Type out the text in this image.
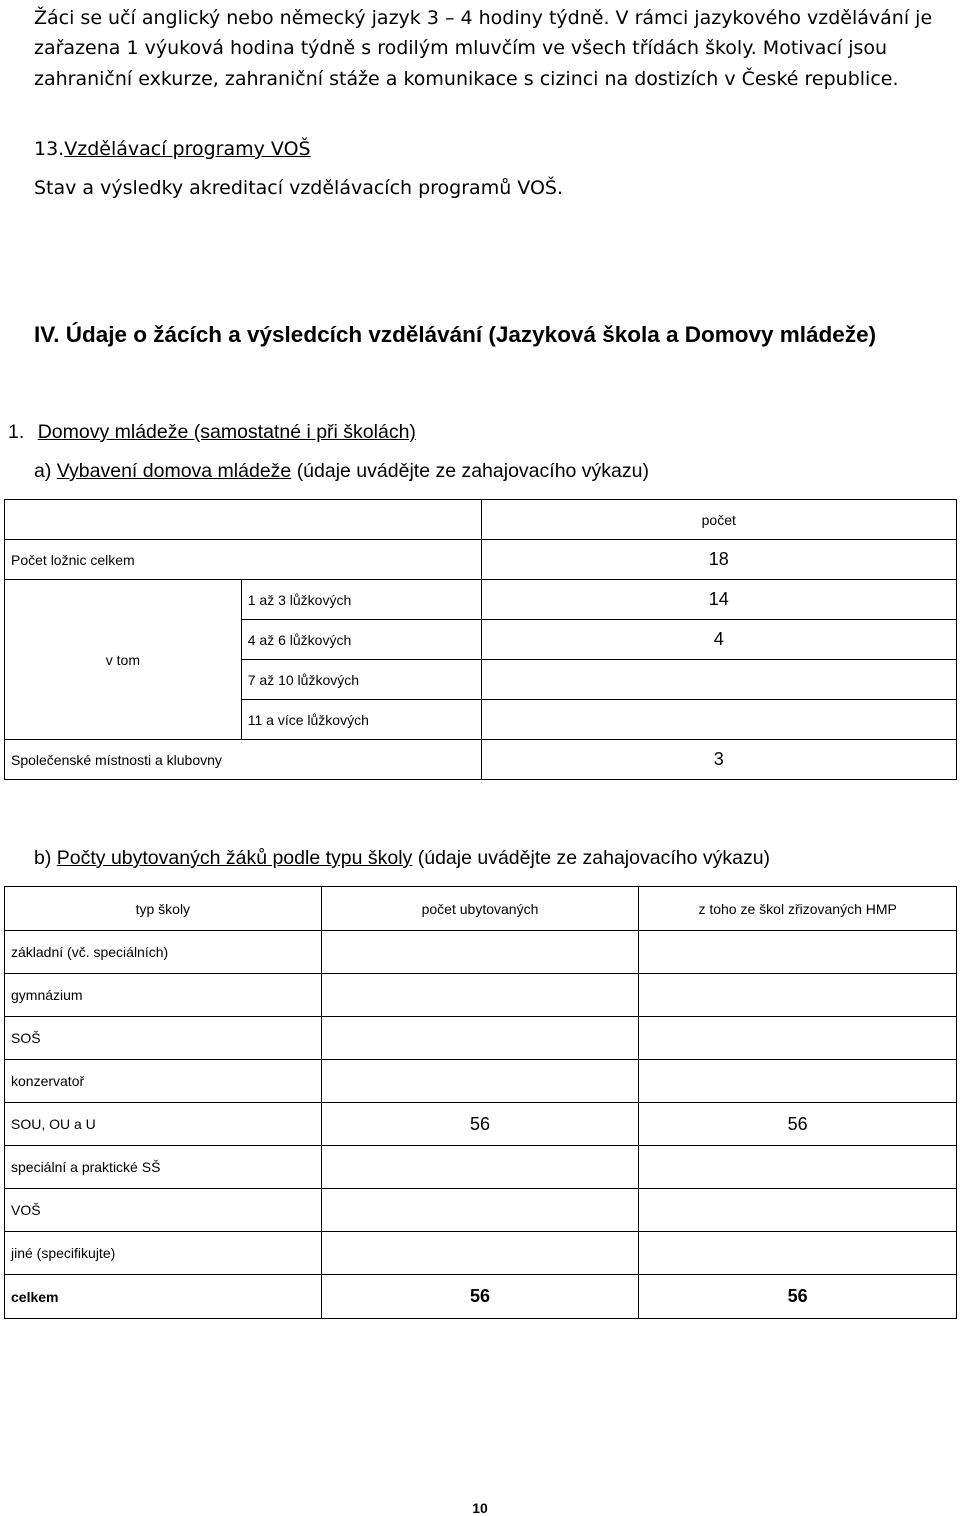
Žáci se učí anglický nebo německý jazyk 3 – 4 hodiny týdně. V rámci jazykového vzdělávání je
zařazena 1 výuková hodina týdně s rodilým mluvčím ve všech třídách školy. Motivací jsou
zahraniční exkurze, zahraniční stáže a komunikace s cizinci na dostizích v České republice.
13.Vzdělávací programy VOŠ
Stav a výsledky akreditací vzdělávacích programů VOŠ.
IV. Údaje o žácích a výsledcích vzdělávání (Jazyková škola a Domovy mládeže)
1. Domovy mládeže (samostatné i při školách)
a) Vybavení domova mládeže (údaje uvádějte ze zahajovacího výkazu)
		počet
Počet ložnic celkem		18
v tom	1 až 3 lůžkových	14
	4 až 6 lůžkových	4
	7 až 10 lůžkových	
	11 a více lůžkových	
Společenské místnosti a klubovny		3
b) Počty ubytovaných žáků podle typu školy (údaje uvádějte ze zahajovacího výkazu)
typ školy	počet ubytovaných	z toho ze škol zřizovaných HMP
základní (vč. speciálních)		
gymnázium		
SOŠ		
konzervatoř		
SOU, OU a U	56	56
speciální a praktické SŠ		
VOŠ		
jiné (specifikujte)		
celkem	56	56
10
